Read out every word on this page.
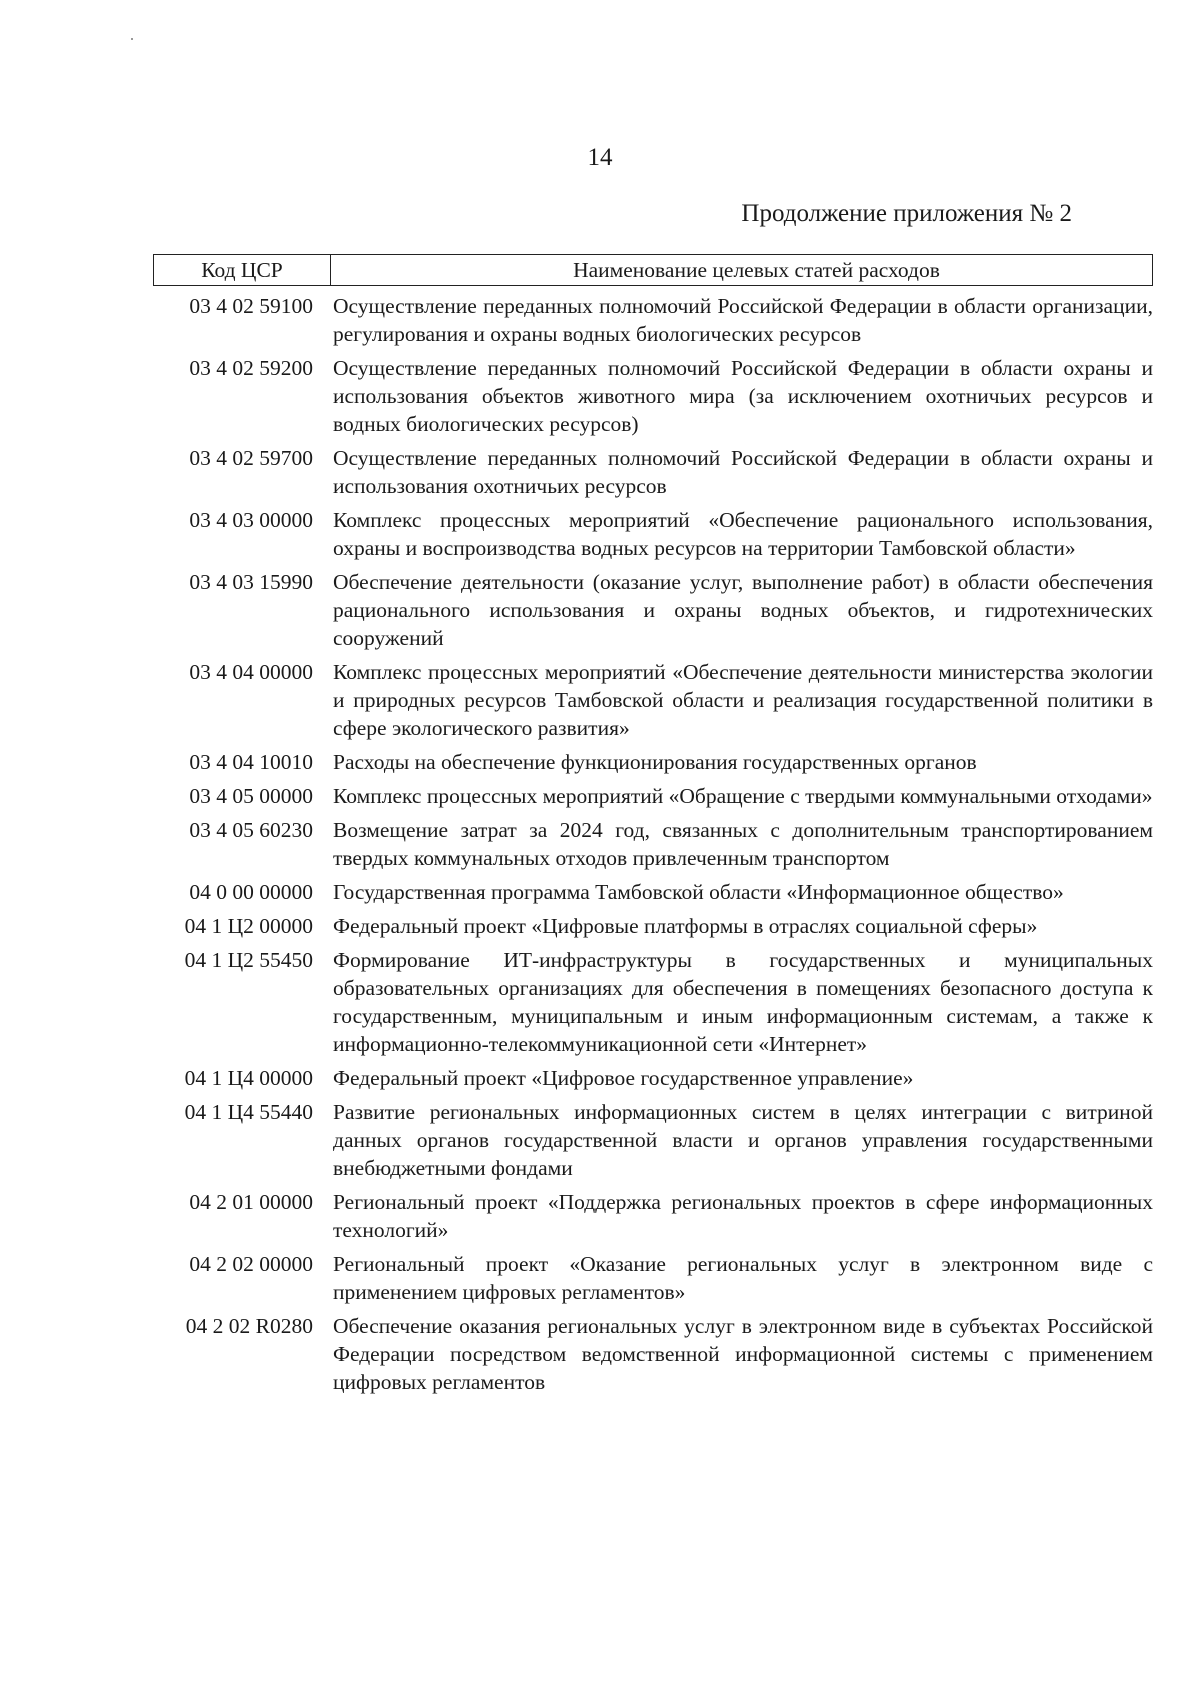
14
Продолжение приложения № 2
Код ЦСР	Наименование целевых статей расходов
03 4 02 59100 Осуществление переданных полномочий Российской Федерации в области организации, регулирования и охраны водных биологических ресурсов
03 4 02 59200 Осуществление переданных полномочий Российской Федерации в области охраны и использования объектов животного мира (за исключением охотничьих ресурсов и водных биологических ресурсов)
03 4 02 59700 Осуществление переданных полномочий Российской Федерации в области охраны и использования охотничьих ресурсов
03 4 03 00000 Комплекс процессных мероприятий «Обеспечение рационального использования, охраны и воспроизводства водных ресурсов на территории Тамбовской области»
03 4 03 15990 Обеспечение деятельности (оказание услуг, выполнение работ) в области обеспечения рационального использования и охраны водных объектов, и гидротехнических сооружений
03 4 04 00000 Комплекс процессных мероприятий «Обеспечение деятельности министерства экологии и природных ресурсов Тамбовской области и реализация государственной политики в сфере экологического развития»
03 4 04 10010 Расходы на обеспечение функционирования государственных органов
03 4 05 00000 Комплекс процессных мероприятий «Обращение с твердыми коммунальными отходами»
03 4 05 60230 Возмещение затрат за 2024 год, связанных с дополнительным транспортированием твердых коммунальных отходов привлеченным транспортом
04 0 00 00000 Государственная программа Тамбовской области «Информационное общество»
04 1 Ц2 00000 Федеральный проект «Цифровые платформы в отраслях социальной сферы»
04 1 Ц2 55450 Формирование ИТ-инфраструктуры в государственных и муниципальных образовательных организациях для обеспечения в помещениях безопасного доступа к государственным, муниципальным и иным информационным системам, а также к информационно-телекоммуникационной сети «Интернет»
04 1 Ц4 00000 Федеральный проект «Цифровое государственное управление»
04 1 Ц4 55440 Развитие региональных информационных систем в целях интеграции с витриной данных органов государственной власти и органов управления государственными внебюджетными фондами
04 2 01 00000 Региональный проект «Поддержка региональных проектов в сфере информационных технологий»
04 2 02 00000 Региональный проект «Оказание региональных услуг в электронном виде с применением цифровых регламентов»
04 2 02 R0280 Обеспечение оказания региональных услуг в электронном виде в субъектах Российской Федерации посредством ведомственной информационной системы с применением цифровых регламентов
